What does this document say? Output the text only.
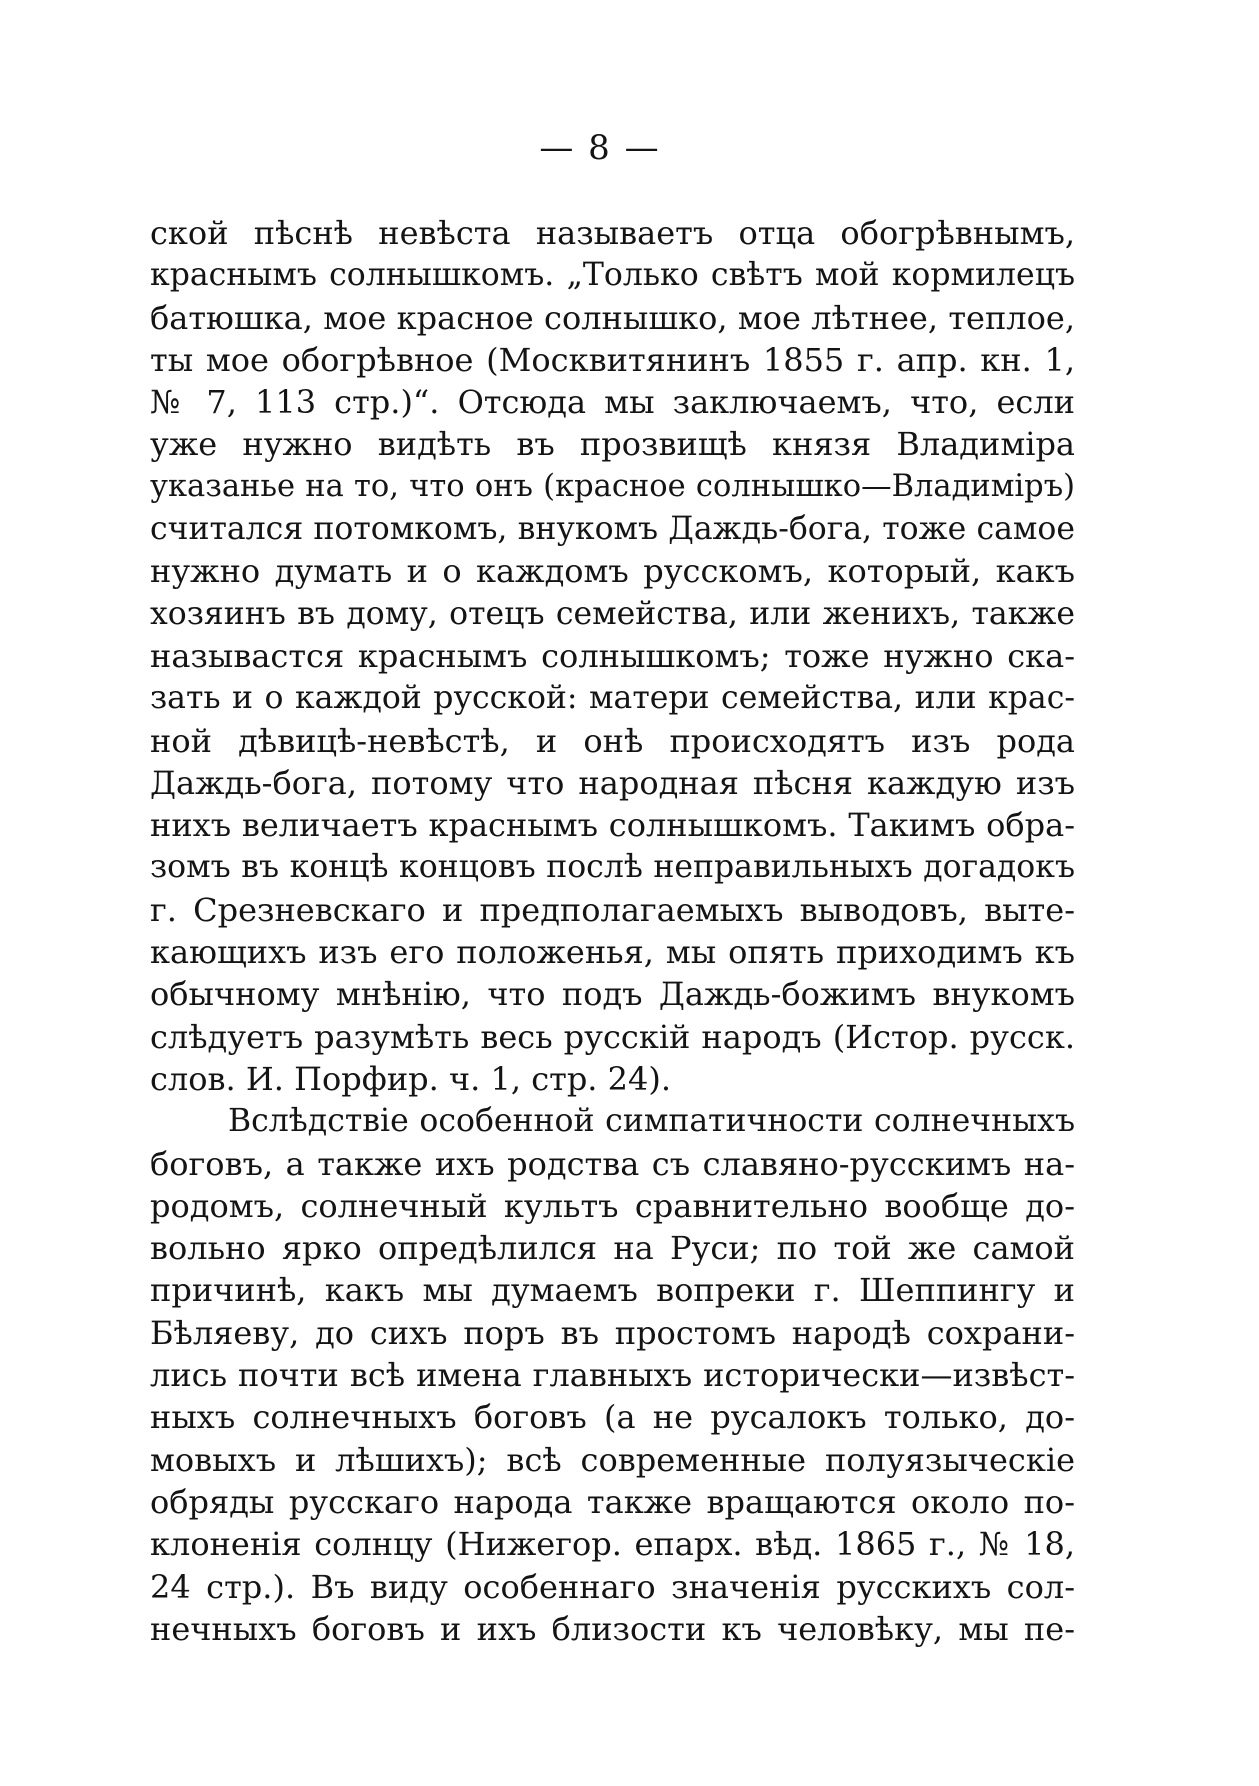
— 8 —
ской пѣснѣ невѣста называетъ отца обогрѣвнымъ,
краснымъ солнышкомъ. „Только свѣтъ мой кормилецъ
батюшка, мое красное солнышко, мое лѣтнее, теплое,
ты мое обогрѣвное (Москвитянинъ 1855 г. апр. кн. 1,
№ 7, 113 стр.)“. Отсюда мы заключаемъ, что, если
уже нужно видѣть въ прозвищѣ князя Владиміра
указанье на то, что онъ (красное солнышко—Владиміръ)
считался потомкомъ, внукомъ Даждь-бога, тоже самое
нужно думать и о каждомъ русскомъ, который, какъ
хозяинъ въ дому, отецъ семейства, или женихъ, также
называстся краснымъ солнышкомъ; тоже нужно ска-
зать и о каждой русской: матери семейства, или крас-
ной дѣвицѣ-невѣстѣ, и онѣ происходятъ изъ рода
Даждь-бога, потому что народная пѣсня каждую изъ
нихъ величаетъ краснымъ солнышкомъ. Такимъ обра-
зомъ въ концѣ концовъ послѣ неправильныхъ догадокъ
г. Срезневскаго и предполагаемыхъ выводовъ, выте-
кающихъ изъ его положенья, мы опять приходимъ къ
обычному мнѣнію, что подъ Даждь-божимъ внукомъ
слѣдуетъ разумѣть весь русскій народъ (Истор. русск.
слов. И. Порфир. ч. 1, стр. 24).
Вслѣдствіе особенной симпатичности солнечныхъ
боговъ, а также ихъ родства съ славяно-русскимъ на-
родомъ, солнечный культъ сравнительно вообще до-
вольно ярко опредѣлился на Руси; по той же самой
причинѣ, какъ мы думаемъ вопреки г. Шеппингу и
Бѣляеву, до сихъ поръ въ простомъ народѣ сохрани-
лись почти всѣ имена главныхъ исторически—извѣст-
ныхъ солнечныхъ боговъ (а не русалокъ только, до-
мовыхъ и лѣшихъ); всѣ современные полуязыческіе
обряды русскаго народа также вращаются около по-
клоненія солнцу (Нижегор. епарх. вѣд. 1865 г., № 18,
24 стр.). Въ виду особеннаго значенія русскихъ сол-
нечныхъ боговъ и ихъ близости къ человѣку, мы пе-
